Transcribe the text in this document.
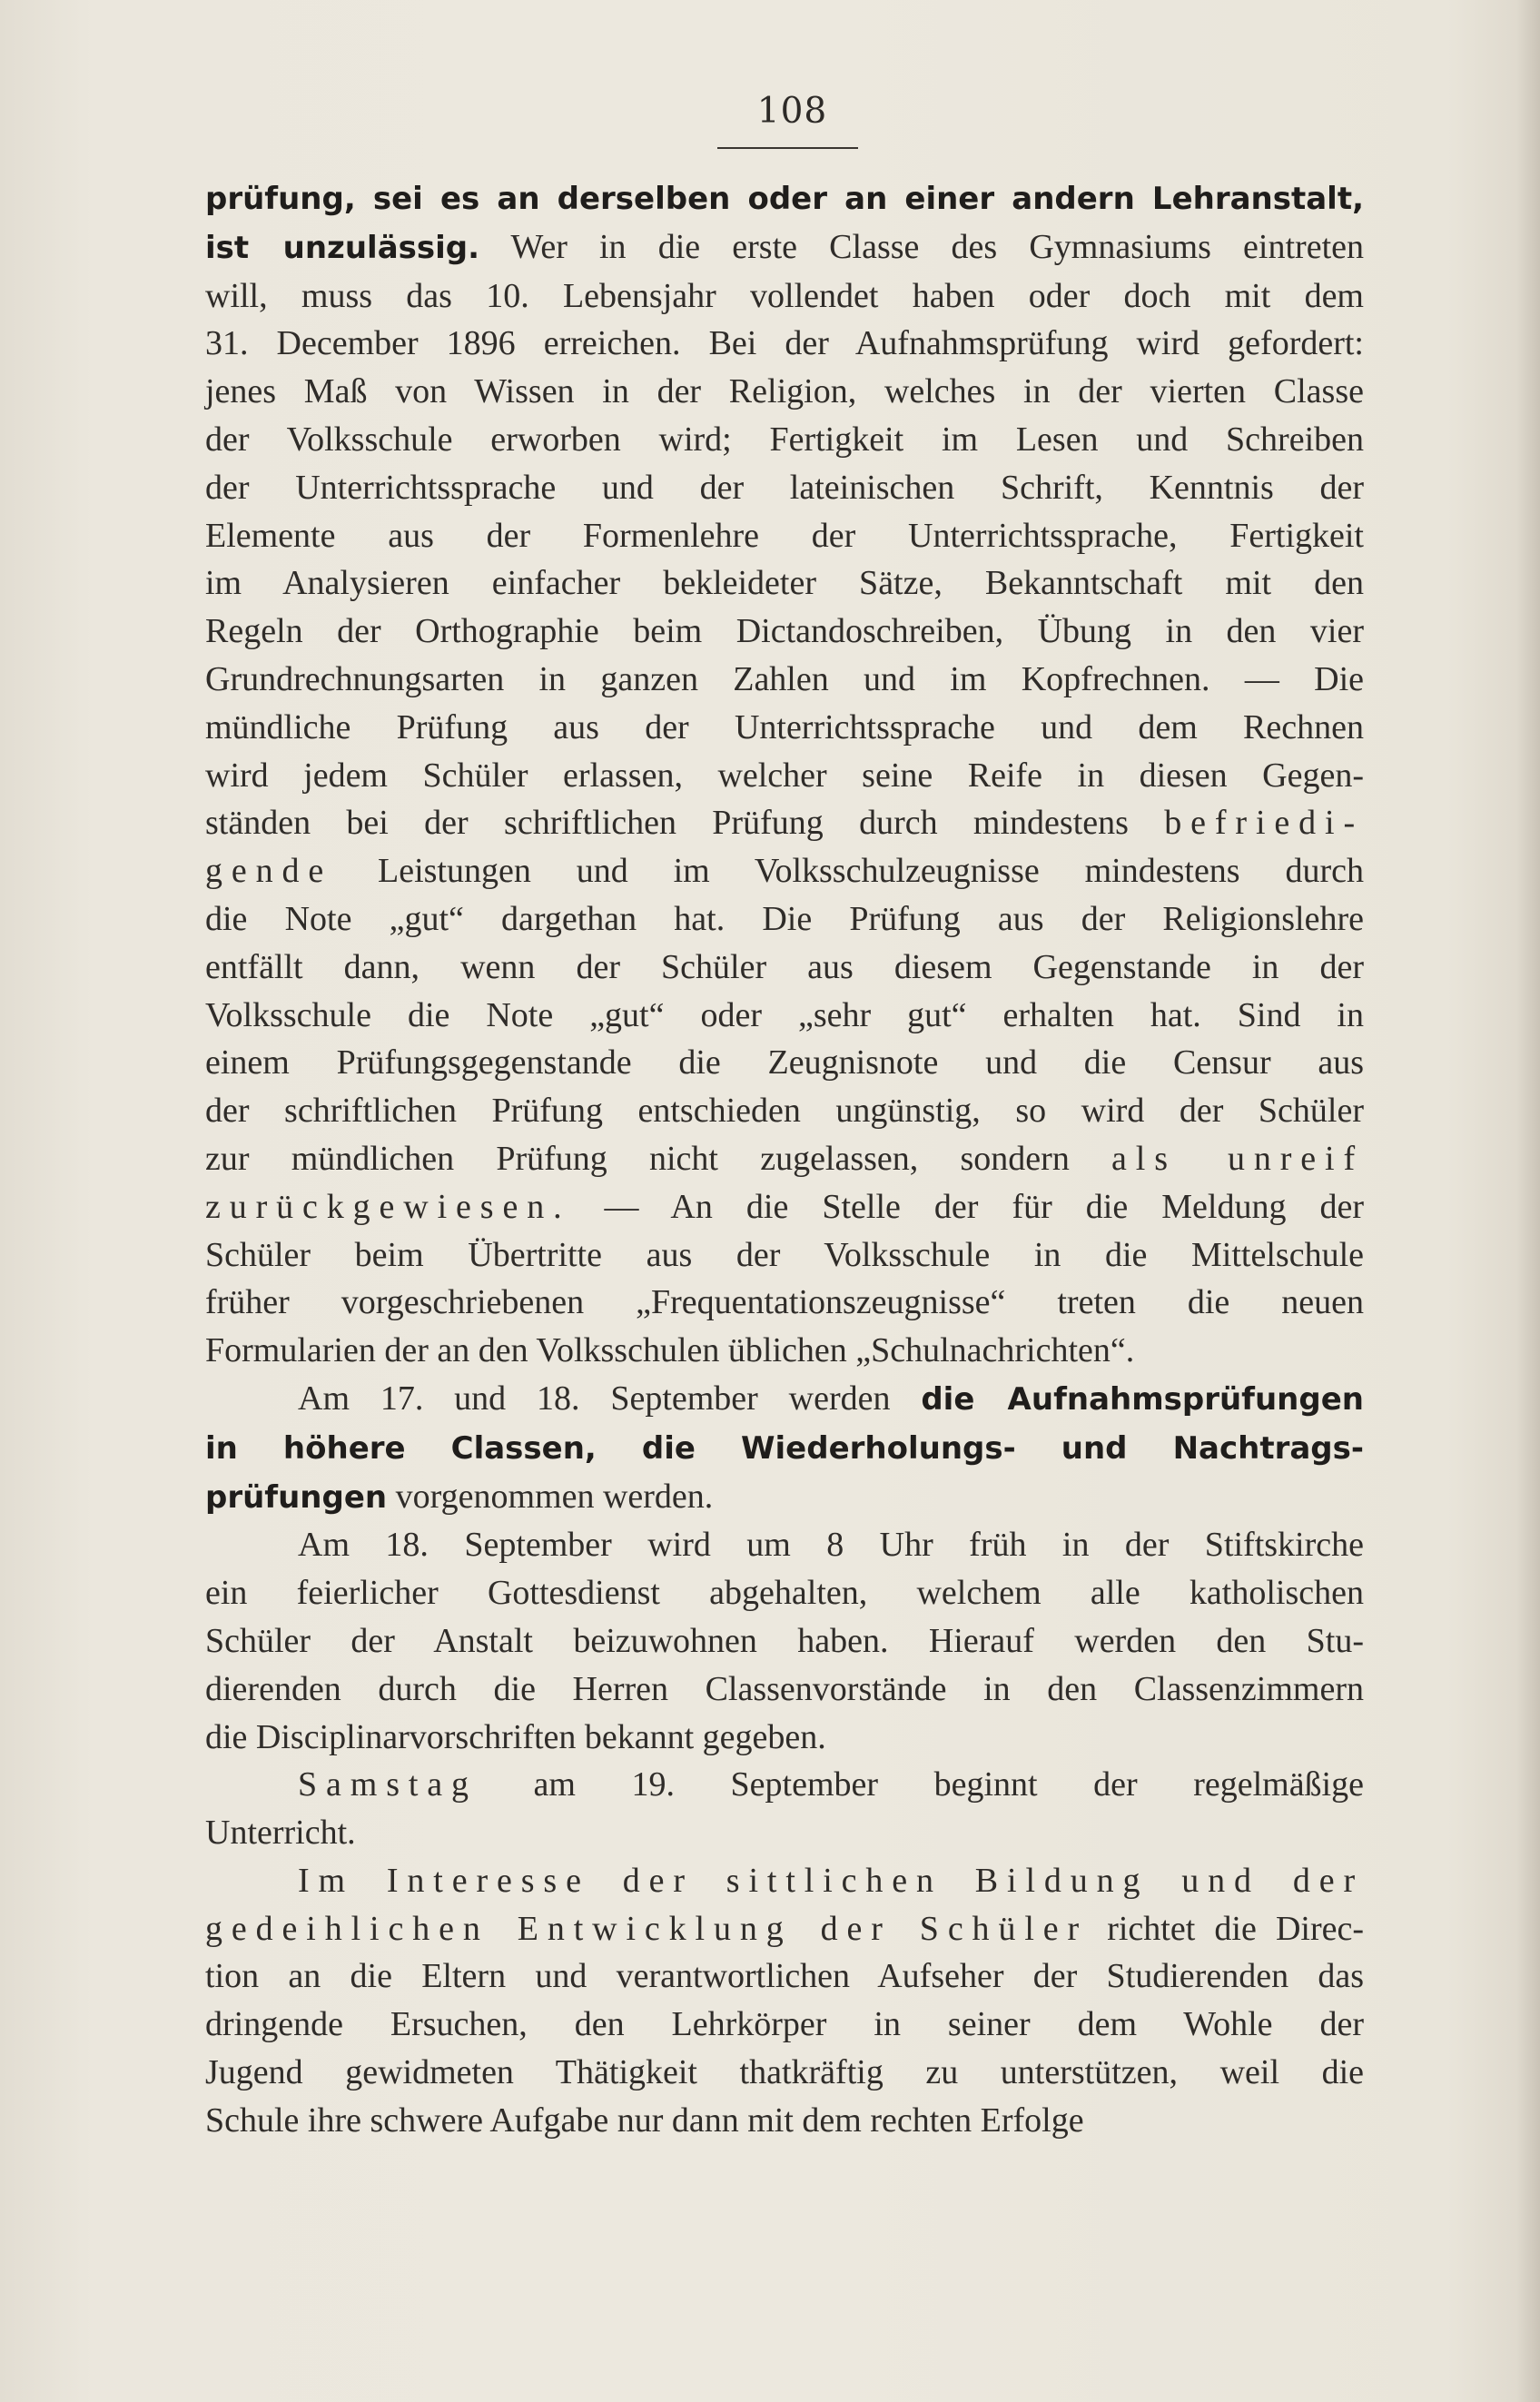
108

prüfung, sei es an derselben oder an einer andern Lehranstalt,

ist unzulässig. Wer in die erste Classe des Gymnasiums eintreten

will, muss das 10. Lebensjahr vollendet haben oder doch mit dem

31. December 1896 erreichen. Bei der Aufnahmsprüfung wird gefordert:

jenes Maß von Wissen in der Religion, welches in der vierten Classe

der Volksschule erworben wird; Fertigkeit im Lesen und Schreiben

der Unterrichtssprache und der lateinischen Schrift, Kenntnis der

Elemente aus der Formenlehre der Unterrichtssprache, Fertigkeit

im Analysieren einfacher bekleideter Sätze, Bekanntschaft mit den

Regeln der Orthographie beim Dictandoschreiben, Übung in den vier

Grundrechnungsarten in ganzen Zahlen und im Kopfrechnen. — Die

mündliche Prüfung aus der Unterrichtssprache und dem Rechnen

wird jedem Schüler erlassen, welcher seine Reife in diesen Gegen-

ständen bei der schriftlichen Prüfung durch mindestens befriedi-

gende Leistungen und im Volksschulzeugnisse mindestens durch

die Note „gut“ dargethan hat. Die Prüfung aus der Religionslehre

entfällt dann, wenn der Schüler aus diesem Gegenstande in der

Volksschule die Note „gut“ oder „sehr gut“ erhalten hat. Sind in

einem Prüfungsgegenstande die Zeugnisnote und die Censur aus

der schriftlichen Prüfung entschieden ungünstig, so wird der Schüler

zur mündlichen Prüfung nicht zugelassen, sondern als unreif

zurückgewiesen. — An die Stelle der für die Meldung der

Schüler beim Übertritte aus der Volksschule in die Mittelschule

früher vorgeschriebenen „Frequentationszeugnisse“ treten die neuen

Formularien der an den Volksschulen üblichen „Schulnachrichten“.

Am 17. und 18. September werden die Aufnahmsprüfungen

in höhere Classen, die Wiederholungs- und Nachtrags-

prüfungen vorgenommen werden.

Am 18. September wird um 8 Uhr früh in der Stiftskirche

ein feierlicher Gottesdienst abgehalten, welchem alle katholischen

Schüler der Anstalt beizuwohnen haben. Hierauf werden den Stu-

dierenden durch die Herren Classenvorstände in den Classenzimmern

die Disciplinarvorschriften bekannt gegeben.

Samstag am 19. September beginnt der regelmäßige

Unterricht.

Im Interesse der sittlichen Bildung und der

gedeihlichen Entwicklung der Schüler richtet die Direc-

tion an die Eltern und verantwortlichen Aufseher der Studierenden das

dringende Ersuchen, den Lehrkörper in seiner dem Wohle der

Jugend gewidmeten Thätigkeit thatkräftig zu unterstützen, weil die

Schule ihre schwere Aufgabe nur dann mit dem rechten Erfolge
